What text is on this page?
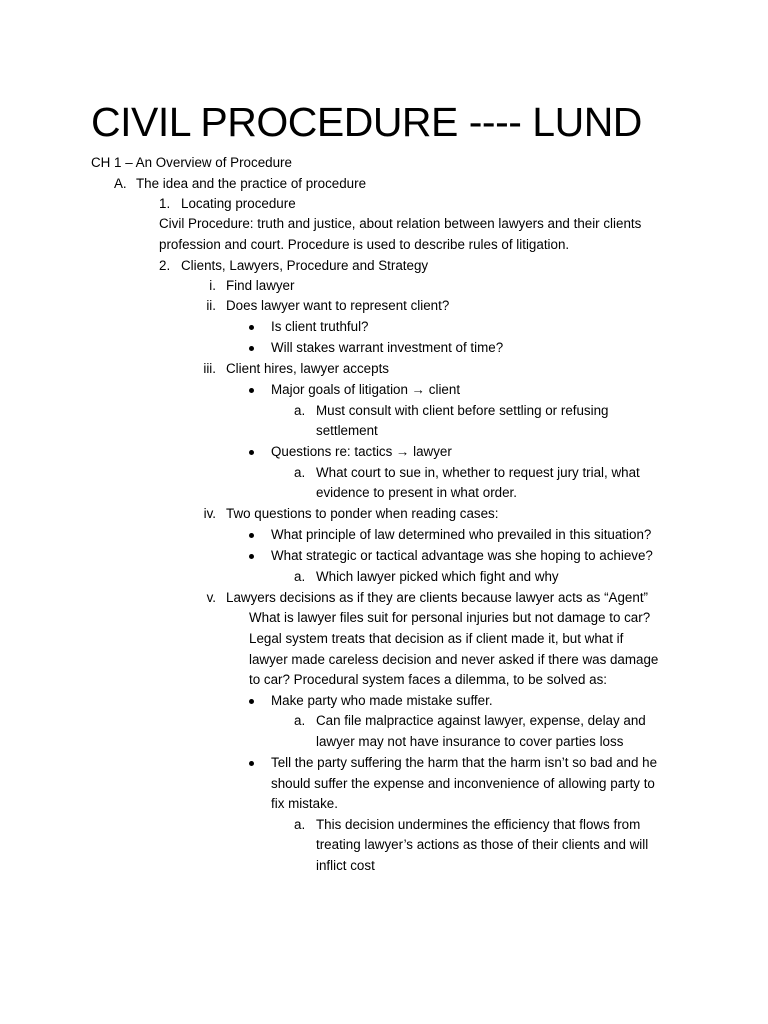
CIVIL PROCEDURE ---- LUND
CH 1 – An Overview of Procedure
A. The idea and the practice of procedure
1. Locating procedure
Civil Procedure: truth and justice, about relation between lawyers and their clients
profession and court. Procedure is used to describe rules of litigation.
2. Clients, Lawyers, Procedure and Strategy
i. Find lawyer
ii. Does lawyer want to represent client?
Is client truthful?
Will stakes warrant investment of time?
iii. Client hires, lawyer accepts
Major goals of litigation → client
a. Must consult with client before settling or refusing
settlement
Questions re: tactics → lawyer
a. What court to sue in, whether to request jury trial, what
evidence to present in what order.
iv. Two questions to ponder when reading cases:
What principle of law determined who prevailed in this situation?
What strategic or tactical advantage was she hoping to achieve?
a. Which lawyer picked which fight and why
v. Lawyers decisions as if they are clients because lawyer acts as “Agent”
What is lawyer files suit for personal injuries but not damage to car?
Legal system treats that decision as if client made it, but what if
lawyer made careless decision and never asked if there was damage
to car? Procedural system faces a dilemma, to be solved as:
Make party who made mistake suffer.
a. Can file malpractice against lawyer, expense, delay and
lawyer may not have insurance to cover parties loss
Tell the party suffering the harm that the harm isn’t so bad and he
should suffer the expense and inconvenience of allowing party to
fix mistake.
a. This decision undermines the efficiency that flows from
treating lawyer’s actions as those of their clients and will
inflict cost
